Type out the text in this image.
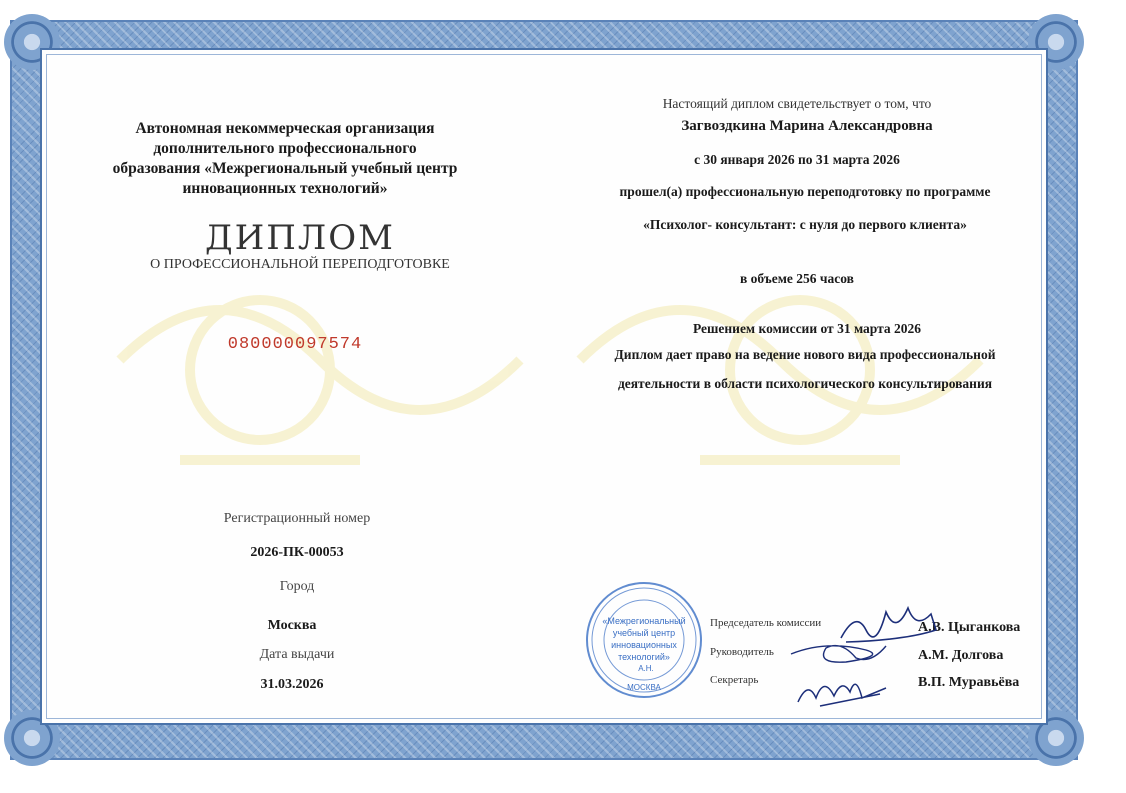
Автономная некоммерческая организация дополнительного профессионального образования «Межрегиональный учебный центр инновационных технологий»
ДИПЛОМ
О ПРОФЕССИОНАЛЬНОЙ ПЕРЕПОДГОТОВКЕ
080000097574
Регистрационный номер
2026-ПК-00053
Город
Москва
Дата выдачи
31.03.2026
Настоящий диплом свидетельствует о том, что
Загвоздкина Марина Александровна
с 30 января 2026 по 31 марта 2026
прошел(а) профессиональную переподготовку по программе
«Психолог- консультант: с нуля до первого клиента»
в объеме 256 часов
Решением комиссии от 31 марта 2026
Диплом дает право на ведение нового вида профессиональной
деятельности в области психологического консультирования
Председатель комиссии	А.В. Цыганкова
Руководитель	А.М. Долгова
Секретарь	В.П. Муравьёва
«Межрегиональный
учебный центр
инновационных
технологий»
МОСКВА
А.Н.
